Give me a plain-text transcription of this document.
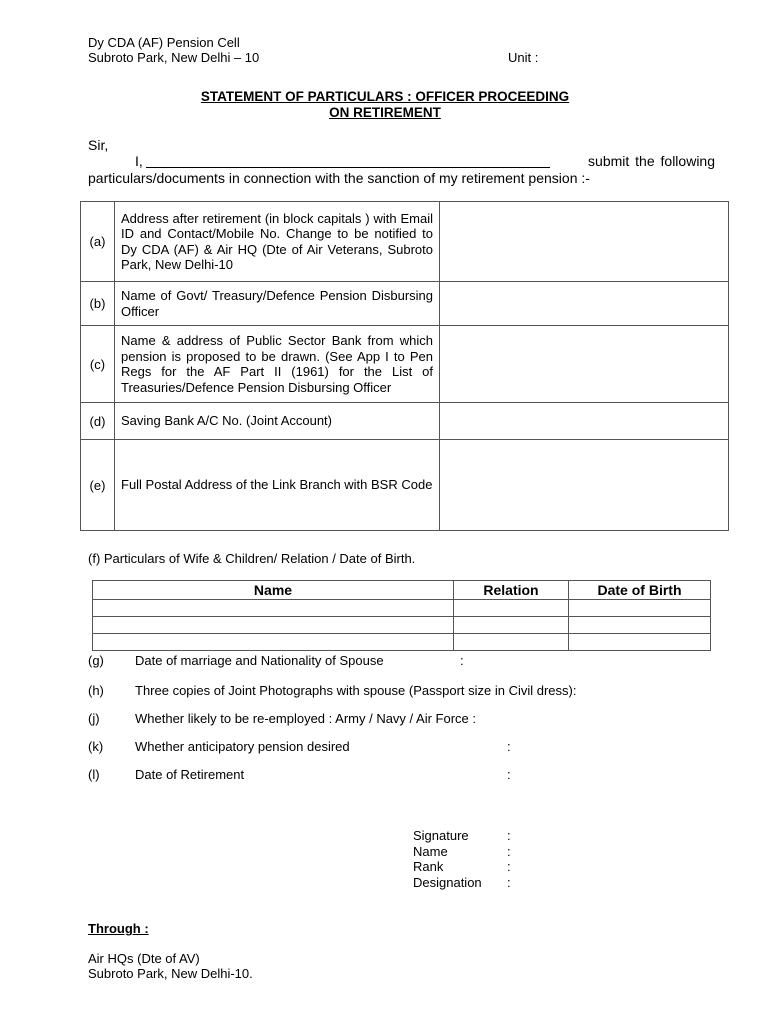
Dy CDA (AF) Pension Cell
Subroto Park, New Delhi – 10	Unit :
STATEMENT OF PARTICULARS : OFFICER PROCEEDING
ON RETIREMENT
Sir,
I,	submit the following
particulars/documents in connection with the sanction of my retirement pension :-
(a)	Address after retirement (in block capitals ) with Email ID and Contact/Mobile No. Change to be notified to Dy CDA (AF) & Air HQ (Dte of Air Veterans, Subroto Park, New Delhi-10	
(b)	Name of Govt/ Treasury/Defence Pension Disbursing Officer	
(c)	Name & address of Public Sector Bank from which pension is proposed to be drawn. (See App I to Pen Regs for the AF Part II (1961) for the List of Treasuries/Defence Pension Disbursing Officer	
(d)	Saving Bank A/C No. (Joint Account)	
(e)	Full Postal Address of the Link Branch with BSR Code	
(f) Particulars of Wife & Children/ Relation / Date of Birth.
Name	Relation	Date of Birth

(g) Date of marriage and Nationality of Spouse	:
(h) Three copies of Joint Photographs with spouse (Passport size in Civil dress):
(j)	Whether likely to be re-employed : Army / Navy / Air Force :
(k) Whether anticipatory pension desired	:
(l)	Date of Retirement	:
Signature	:
Name	:
Rank	:
Designation	:
Through :
Air HQs (Dte of AV)
Subroto Park, New Delhi-10.
